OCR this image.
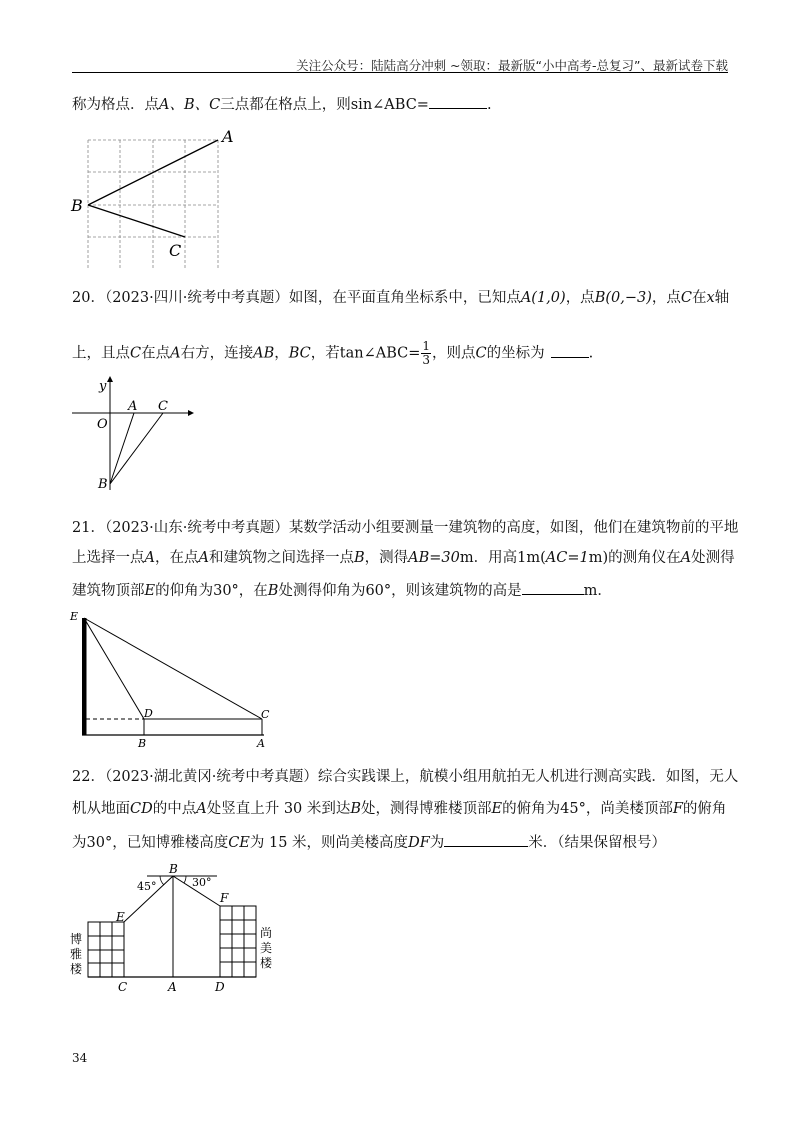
关注公众号：陆陆高分冲刺 ~领取：最新版“小中高考-总复习”、最新试卷下载
称为格点．点A、B、C三点都在格点上，则sin∠ABC=	.
A
B
C
20．（2023·四川·统考中考真题）如图，在平面直角坐标系中，已知点A(1,0)，点B(0,−3)，点C在x轴
上，且点C在点A右方，连接AB，BC，若tan∠ABC= $\frac{1}{3}$ ，则点C的坐标为	.
y
O
A C
B
21．（2023·山东·统考中考真题）某数学活动小组要测量一建筑物的高度，如图，他们在建筑物前的平地
上选择一点A，在点A和建筑物之间选择一点B，测得AB=30m．用高1m(AC=1m)的测角仪在A处测得
建筑物顶部E的仰角为30°，在B处测得仰角为60°，则该建筑物的高是	m．
E
D	C
B	A
22．（2023·湖北黄冈·统考中考真题）综合实践课上，航模小组用航拍无人机进行测高实践．如图，无人
机从地面CD的中点A处竖直上升 30 米到达B处，测得博雅楼顶部E的俯角为45°，尚美楼顶部F的俯角
为30°，已知博雅楼高度CE为 15 米，则尚美楼高度DF为	米．（结果保留根号）
B
45°	30°
E
F
C	A	D
博
雅
楼
尚
美
楼
34
